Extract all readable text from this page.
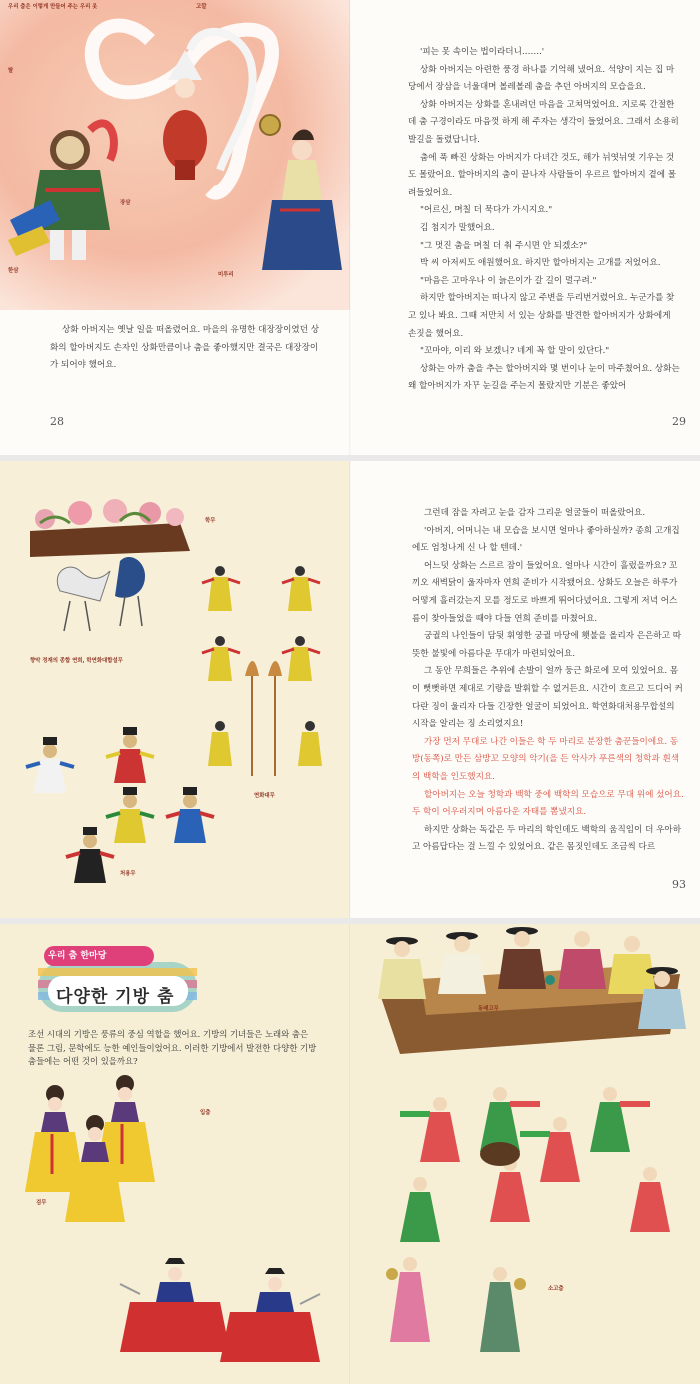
우리 춤은 이렇게 만들어 주는 우리 옷
탈
고깔
장삼
한삼
미투리

상화 아버지는 옛날 일을 떠올렸어요. 마을의 유명한 대장장이였던 상화의 할아버지도 손자인 상화만큼이나 춤을 좋아했지만 결국은 대장장이가 되어야 했어요.

28

'피는 못 속이는 법이라더니…….'

상화 아버지는 아련한 풍경 하나를 기억해 냈어요. 석양이 지는 집 마당에서 장삼을 너울대며 볼레볼레 춤을 추던 아버지의 모습을요.

상화 아버지는 상화를 혼내려던 마음을 고쳐먹었어요. 지로록 간절한데 춤 구경이라도 마음껏 하게 해 주자는 생각이 들었어요. 그래서 소용히 발길을 돌렸답니다.

춤에 푹 빠진 상화는 아버지가 다녀간 것도, 해가 뉘엿뉘엿 기우는 것도 몰랐어요. 할아버지의 춤이 끝나자 사람들이 우르르 할아버지 곁에 몰려들었어요.

"어르신, 며칠 더 묵다가 가시지요."

김 첨지가 말했어요.

"그 멋진 춤을 며칠 더 춰 주시면 안 되겠소?"

박 씨 아저씨도 애원했어요. 하지만 할아버지는 고개를 저었어요.

"마음은 고마우나 이 늙은이가 갈 길이 멀구려."

하지만 할아버지는 떠나지 않고 주변을 두리번거렸어요. 누군가를 찾고 있나 봐요. 그때 저만치 서 있는 상화를 발견한 할아버지가 상화에게 손짓을 했어요.

"꼬마야, 이리 와 보겠니? 네게 꼭 할 말이 있단다."

상화는 아까 춤을 추는 할아버지와 몇 번이나 눈이 마주쳤어요. 상화는 왜 할아버지가 자꾸 눈길을 주는지 몰랐지만 기분은 좋았어

29
학무
향악 정재의 종합 연희, 학연화대합설무
연화대무
처용무

그런데 잠을 자려고 눈을 감자 그리운 얼굴들이 떠올랐어요.

'아버지, 어머니는 내 모습을 보시면 얼마나 좋아하실까? 종희 고개집에도 엄청나게 신 나 할 텐데.'

어느덧 상화는 스르르 잠이 들었어요. 얼마나 시간이 흘렀을까요? 꼬끼오 새벽닭이 울자마자 연희 준비가 시작됐어요. 상화도 오늘은 하루가 어떻게 흘러갔는지 모를 정도로 바쁘게 뛰어다녔어요. 그렇게 저녁 어스름이 찾아들었을 때야 다들 연희 준비를 마쳤어요.

궁궐의 나인들이 담뒷 휘영한 궁궐 마당에 횃불을 올리자 은은하고 따뜻한 불빛에 아름다운 무대가 마련되었어요.

그 동안 무희들은 추위에 손발이 얼까 둥근 화로에 모여 있었어요. 몸이 뻣뻣하면 제대로 기량을 발휘할 수 없거든요. 시간이 흐르고 드디어 커다란 징이 울리자 다들 긴장한 얼굴이 되었어요. 학연화대처용무합설의 시작을 알리는 징 소리였지요!

가장 먼저 무대로 나간 이들은 학 두 마리로 분장한 춤꾼들이에요. 동방(동쪽)로 만든 삼방꼬 모양의 악기(을 든 악사가 푸른색의 청학과 흰색의 백학을 인도했지요.

할아버지는 오늘 청학과 백학 중에 백학의 모습으로 무대 위에 섰어요. 두 학이 어우러지며 아름다운 자태를 뽐냈지요.

하지만 상화는 독같은 두 마리의 학인데도 백학의 움직임이 더 우아하고 아름답다는 걸 느낄 수 있었어요. 같은 몸짓인데도 조금씩 다르

93
우리 춤 한마당
다양한 기방 춤
조선 시대의 기방은 풍류의 중심 역할을 했어요. 기방의 기녀들은 노래와 춤은 물론 그림, 문학에도 능한 예인들이었어요. 이러한 기방에서 발전한 다양한 기방 춤들에는 어떤 것이 있을까요?
입춤
검무
동래고무
소고춤
